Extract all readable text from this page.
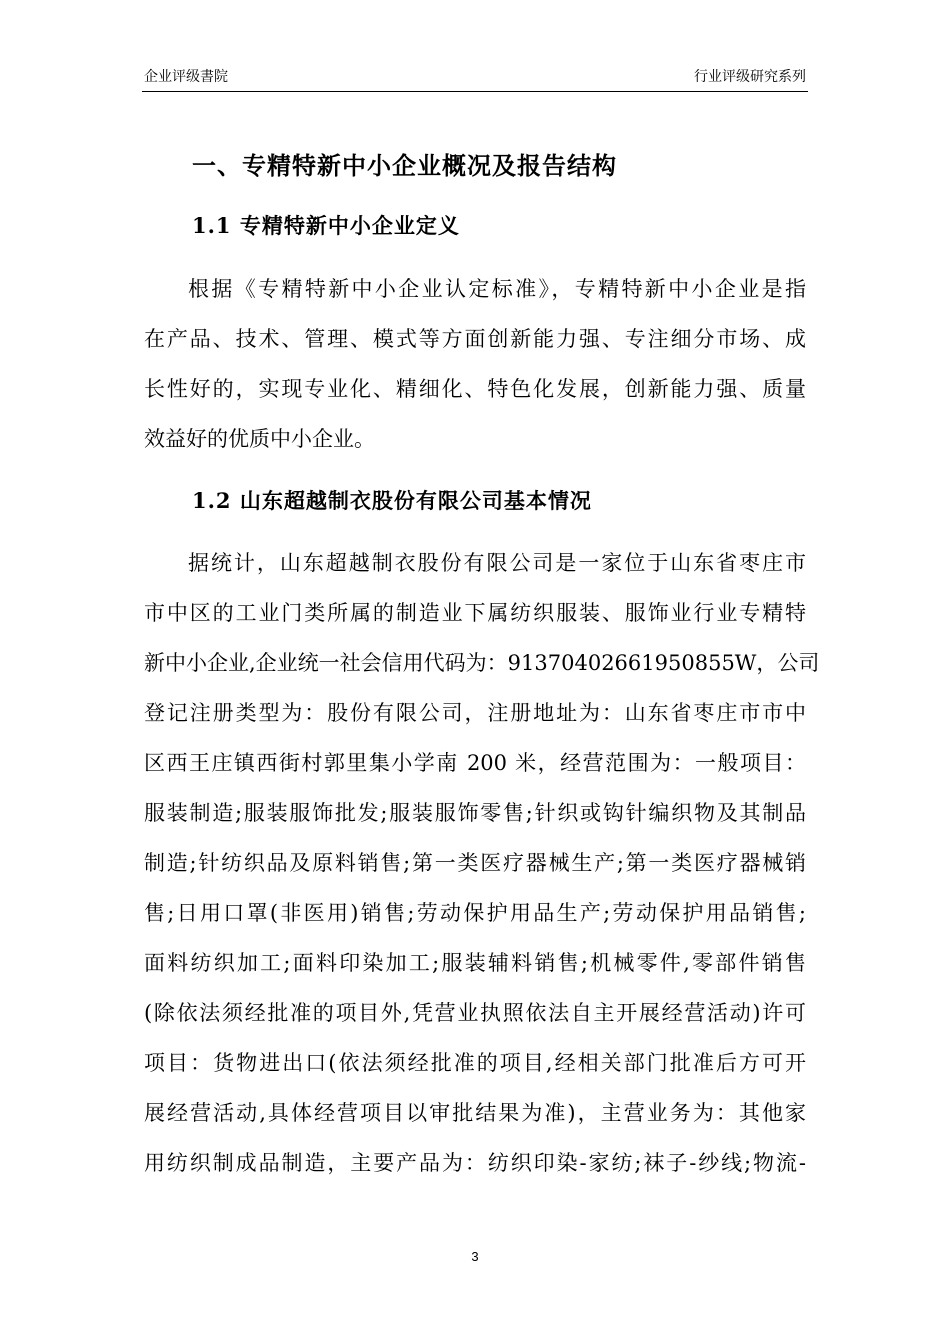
企业评级書院	行业评级研究系列
一、专精特新中小企业概况及报告结构
1.1 专精特新中小企业定义
根据《专精特新中小企业认定标准》，专精特新中小企业是指
在产品、技术、管理、模式等方面创新能力强、专注细分市场、成
长性好的，实现专业化、精细化、特色化发展，创新能力强、质量
效益好的优质中小企业。
1.2 山东超越制衣股份有限公司基本情况
据统计，山东超越制衣股份有限公司是一家位于山东省枣庄市
市中区的工业门类所属的制造业下属纺织服装、服饰业行业专精特
新中小企业,企业统一社会信用代码为：91370402661950855W，公司
登记注册类型为：股份有限公司，注册地址为：山东省枣庄市市中
区西王庄镇西街村郭里集小学南 200 米，经营范围为：一般项目：
服装制造;服装服饰批发;服装服饰零售;针织或钩针编织物及其制品
制造;针纺织品及原料销售;第一类医疗器械生产;第一类医疗器械销
售;日用口罩(非医用)销售;劳动保护用品生产;劳动保护用品销售;
面料纺织加工;面料印染加工;服装辅料销售;机械零件,零部件销售
(除依法须经批准的项目外,凭营业执照依法自主开展经营活动)许可
项目：货物进出口(依法须经批准的项目,经相关部门批准后方可开
展经营活动,具体经营项目以审批结果为准)，主营业务为：其他家
用纺织制成品制造，主要产品为：纺织印染-家纺;袜子-纱线;物流-
3
